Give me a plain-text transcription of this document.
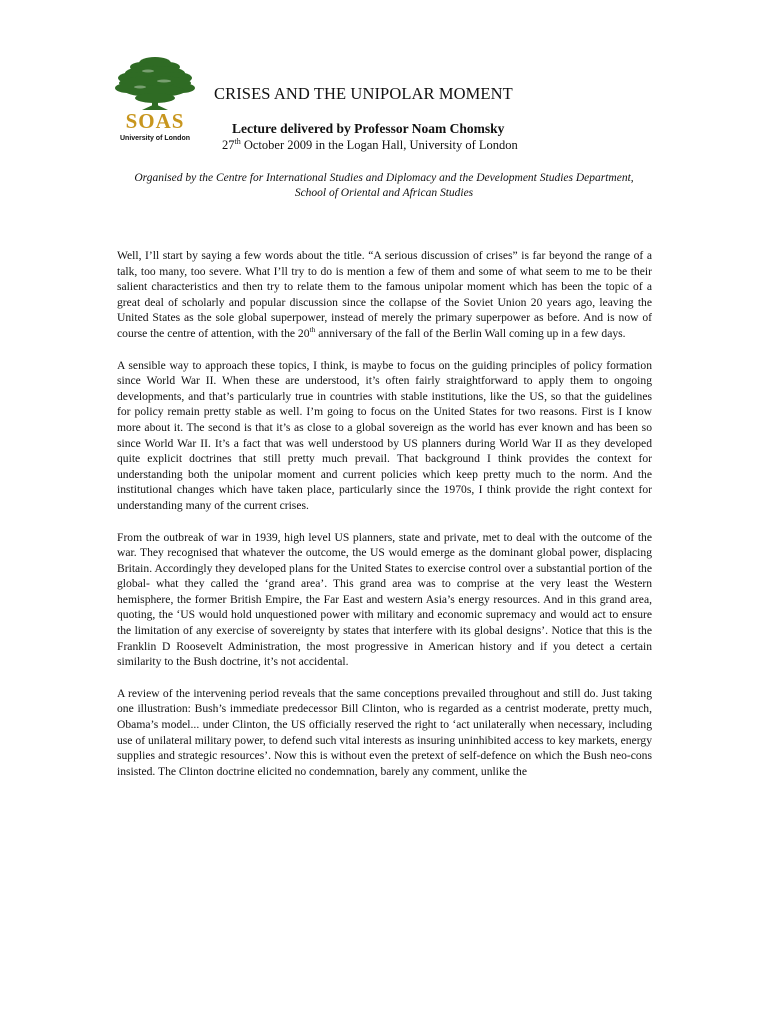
SOAS
University of London
CRISES AND THE UNIPOLAR MOMENT
Lecture delivered by Professor Noam Chomsky
27th October 2009 in the Logan Hall, University of London
Organised by the Centre for International Studies and Diplomacy and the Development Studies Department,
School of Oriental and African Studies

Well, I’ll start by saying a few words about the title. “A serious discussion of crises” is far beyond the range of a talk, too many, too severe. What I’ll try to do is mention a few of them and some of what seem to me to be their salient characteristics and then try to relate them to the famous unipolar moment which has been the topic of a great deal of scholarly and popular discussion since the collapse of the Soviet Union 20 years ago, leaving the United States as the sole global superpower, instead of merely the primary superpower as before. And is now of course the centre of attention, with the 20th anniversary of the fall of the Berlin Wall coming up in a few days.

A sensible way to approach these topics, I think, is maybe to focus on the guiding principles of policy formation since World War II. When these are understood, it’s often fairly straightforward to apply them to ongoing developments, and that’s particularly true in countries with stable institutions, like the US, so that the guidelines for policy remain pretty stable as well. I’m going to focus on the United States for two reasons. First is I know more about it. The second is that it’s as close to a global sovereign as the world has ever known and has been so since World War II. It’s a fact that was well understood by US planners during World War II as they developed quite explicit doctrines that still pretty much prevail. That background I think provides the context for understanding both the unipolar moment and current policies which keep pretty much to the norm. And the institutional changes which have taken place, particularly since the 1970s, I think provide the right context for understanding many of the current crises.

From the outbreak of war in 1939, high level US planners, state and private, met to deal with the outcome of the war. They recognised that whatever the outcome, the US would emerge as the dominant global power, displacing Britain. Accordingly they developed plans for the United States to exercise control over a substantial portion of the global- what they called the ‘grand area’. This grand area was to comprise at the very least the Western hemisphere, the former British Empire, the Far East and western Asia’s energy resources. And in this grand area, quoting, the ‘US would hold unquestioned power with military and economic supremacy and would act to ensure the limitation of any exercise of sovereignty by states that interfere with its global designs’. Notice that this is the Franklin D Roosevelt Administration, the most progressive in American history and if you detect a certain similarity to the Bush doctrine, it’s not accidental.

A review of the intervening period reveals that the same conceptions prevailed throughout and still do. Just taking one illustration: Bush’s immediate predecessor Bill Clinton, who is regarded as a centrist moderate, pretty much, Obama’s model... under Clinton, the US officially reserved the right to ‘act unilaterally when necessary, including use of unilateral military power, to defend such vital interests as insuring uninhibited access to key markets, energy supplies and strategic resources’. Now this is without even the pretext of self-defence on which the Bush neo-cons insisted. The Clinton doctrine elicited no condemnation, barely any comment, unlike the
